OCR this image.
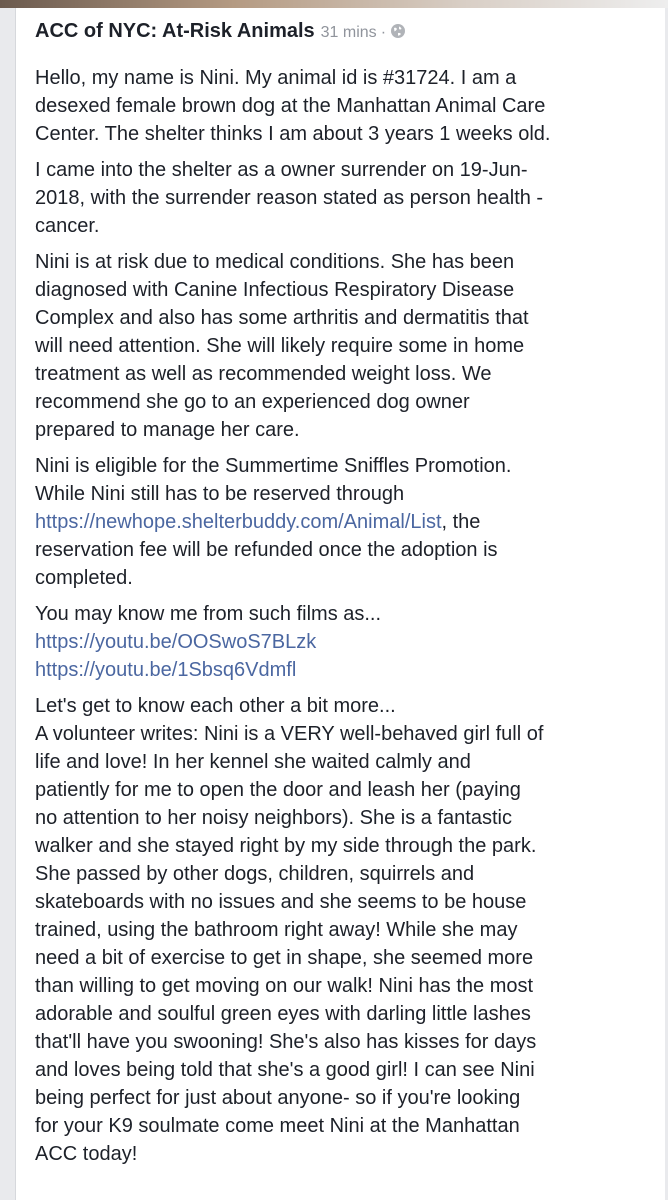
ACC of NYC: At-Risk Animals 31 mins ·

Hello, my name is Nini. My animal id is #31724. I am a
desexed female brown dog at the Manhattan Animal Care
Center. The shelter thinks I am about 3 years 1 weeks old.

I came into the shelter as a owner surrender on 19-Jun-
2018, with the surrender reason stated as person health -
cancer.

Nini is at risk due to medical conditions. She has been
diagnosed with Canine Infectious Respiratory Disease
Complex and also has some arthritis and dermatitis that
will need attention. She will likely require some in home
treatment as well as recommended weight loss. We
recommend she go to an experienced dog owner
prepared to manage her care.

Nini is eligible for the Summertime Sniffles Promotion.
While Nini still has to be reserved through
https://newhope.shelterbuddy.com/Animal/List, the
reservation fee will be refunded once the adoption is
completed.

You may know me from such films as...
https://youtu.be/OOSwoS7BLzk
https://youtu.be/1Sbsq6Vdmfl

Let's get to know each other a bit more...
A volunteer writes: Nini is a VERY well-behaved girl full of
life and love! In her kennel she waited calmly and
patiently for me to open the door and leash her (paying
no attention to her noisy neighbors). She is a fantastic
walker and she stayed right by my side through the park.
She passed by other dogs, children, squirrels and
skateboards with no issues and she seems to be house
trained, using the bathroom right away! While she may
need a bit of exercise to get in shape, she seemed more
than willing to get moving on our walk! Nini has the most
adorable and soulful green eyes with darling little lashes
that'll have you swooning! She's also has kisses for days
and loves being told that she's a good girl! I can see Nini
being perfect for just about anyone- so if you're looking
for your K9 soulmate come meet Nini at the Manhattan
ACC today!
